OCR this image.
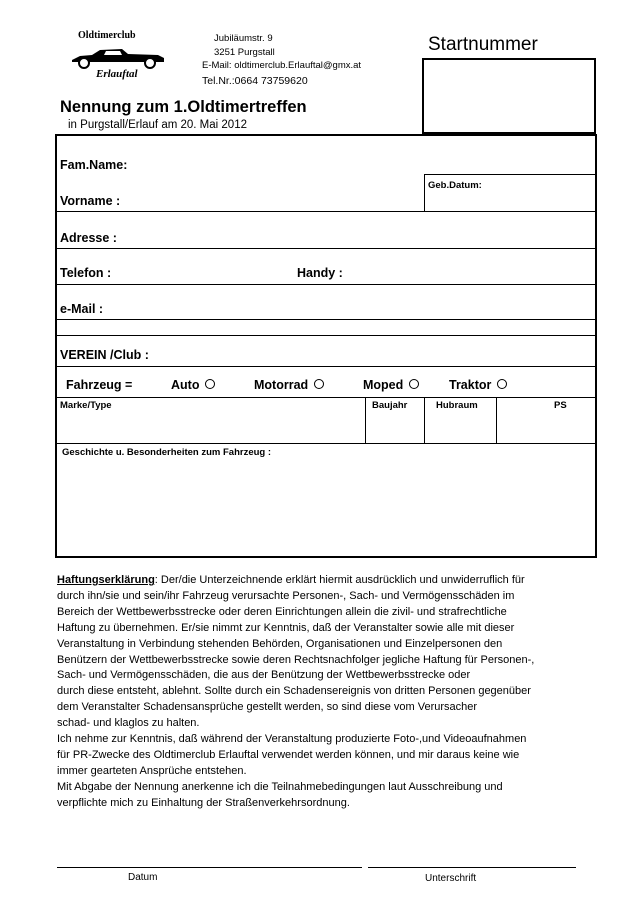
Oldtimerclub
Erlauftal
Jubiläumstr. 9
3251 Purgstall
E-Mail: oldtimerclub.Erlauftal@gmx.at
Tel.Nr.:0664 73759620
Startnummer
Nennung zum 1.Oldtimertreffen
in Purgstall/Erlauf am 20. Mai 2012
Fam.Name:
Geb.Datum:
Vorname :
Adresse :
Telefon :	Handy :
e-Mail :
VEREIN /Club :
Fahrzeug =	Auto	Motorrad	Moped	Traktor
Marke/Type	Baujahr	Hubraum	PS
Geschichte u. Besonderheiten zum Fahrzeug :
Haftungserklärung: Der/die Unterzeichnende erklärt hiermit ausdrücklich und unwiderruflich für
durch ihn/sie und sein/ihr Fahrzeug verursachte Personen-, Sach- und Vermögensschäden im
Bereich der Wettbewerbsstrecke oder deren Einrichtungen allein die zivil- und strafrechtliche
Haftung zu übernehmen. Er/sie nimmt zur Kenntnis, daß der Veranstalter sowie alle mit dieser
Veranstaltung in Verbindung stehenden Behörden, Organisationen und Einzelpersonen den
Benützern der Wettbewerbsstrecke sowie deren Rechtsnachfolger jegliche Haftung für Personen-,
Sach- und Vermögensschäden, die aus der Benützung der Wettbewerbsstrecke oder
durch diese entsteht, ablehnt. Sollte durch ein Schadensereignis von dritten Personen gegenüber
dem Veranstalter Schadensansprüche gestellt werden, so sind diese vom Verursacher
schad- und klaglos zu halten.
Ich nehme zur Kenntnis, daß während der Veranstaltung produzierte Foto-,und Videoaufnahmen
für PR-Zwecke des Oldtimerclub Erlauftal verwendet werden können, und mir daraus keine wie
immer gearteten Ansprüche entstehen.
Mit Abgabe der Nennung anerkenne ich die Teilnahmebedingungen laut Ausschreibung und
verpflichte mich zu Einhaltung der Straßenverkehrsordnung.
Datum	Unterschrift
